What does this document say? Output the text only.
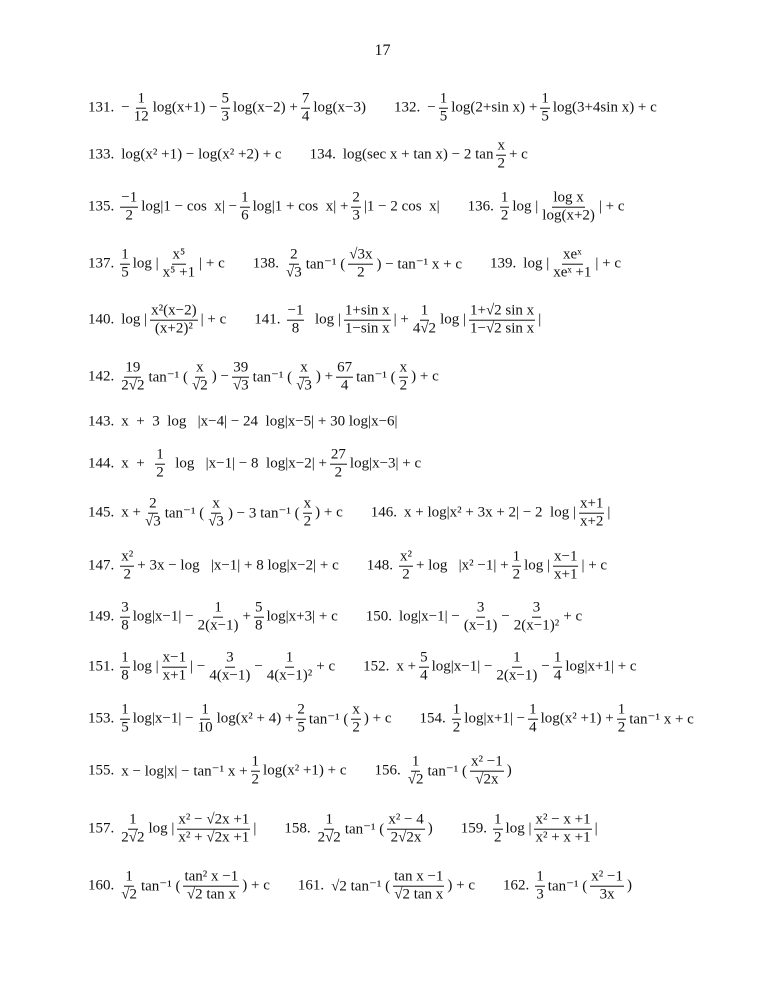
17
131. − $\frac{1}{12} \log(x+1) - \frac{5}{3} \log(x-2) + \frac{7}{4} \log(x-3) 132$. − $\frac{1}{5} \log(2+\sin$ $x) + \frac{1}{5} \log(3+4\sin$ x) + c
133. log(x² +1) − log(x² +2) + c 134. log(sec x + tan x) − 2 $\tan \frac{x}{2} + c$
135. $\frac{-1}{2} \log|1 - \cos x| - \frac{1}{6} \log|1 + \cos x| + \frac{2}{3} |1 - 2$ cos  x| 136. $\frac{1}{2}$ log | $\frac{\text{log x}}{\log(x+2)}$ | + c
137. $\frac{1}{5}$ log | $\frac{\text{x⁵}}{\text{x⁵ +1}}$ | + c 138. $\frac{2}{√3} \tan^{-1}$ ( $\frac{√3x}{2}$ ) − tan⁻¹ x + c 139. log | $\frac{\text{xeˣ}}{\text{xeˣ +1}}$ | + c
140. log | $\frac{\text{x²(x−2)}}{\text{(x+2)²}}$ | + c 141. $\frac{-1}{8}$ log | $\frac{\text{1+sin x}}{\text{1−sin x}}$ | + $\frac{1}{4√2}$ log | $\frac{\text{1+√2 sin x}}{\text{1−√2 sin x}}$ |
142. $\frac{19}{2√2} \tan^{-1}$ ( $\frac{x}{√2}$ ) − $\frac{39}{√3} \tan^{-1}$ ( $\frac{x}{√3}$ ) + $\frac{67}{4} \tan^{-1}$ ( $\frac{x}{2}$ ) + c
143. x  +  3  log   |x−4| − 24  log|x−5| + 30 log|x−6|
144. $x + \frac{1}{2}$ log   |x−1| − 8  $\log|x-2| + \frac{27}{2} \log|x-3| + c$
145. $x + \frac{2}{√3} \tan^{-1}$ ( $\frac{x}{√3}$ ) − 3 tan⁻¹ ( $\frac{x}{2}$ ) + c 146. x + log|x² + 3x + 2| − 2  log | $\frac{x+1}{x+2}$ |
147. $\frac{\text{x²}}{2} + 3x - \log |x-1| + 8$ log|x−2| + c 148. $\frac{\text{x²}}{2} + \log |x^2 -1| + \frac{1}{2}$ log | $\frac{x-1}{x+1}$ | + c
149. $\frac{3}{8} \log|x-1| - \frac{1}{2(x-1)} + \frac{5}{8} \log|x+3| + c$ 150. $\log|x-1| - \frac{3}{(x-1)} - \frac{3}{\text{2(x−1)²}} + c$
151. $\frac{1}{8}$ log | $\frac{x-1}{x+1}$ | − $\frac{3}{4(x-1)} - \frac{1}{\text{4(x−1)²}} + c$ 152. $x + \frac{5}{4} \log|x-1| - \frac{1}{2(x-1)} - \frac{1}{4} \log|x+1| + c$
153. $\frac{1}{5} \log|x-1| - \frac{1}{10} \log(x^2 + 4) + \frac{2}{5} \tan^{-1}$ ( $\frac{x}{2}$ ) + c 154. $\frac{1}{2} \log|x+1| - \frac{1}{4} \log(x^2 +1) + \frac{1}{2} \tan^{-1}$ x + c
155. x − log|x| − tan⁻¹ $x + \frac{1}{2} \log(x^2 +1) + c$ 156. $\frac{1}{√2} \tan^{-1}$ ( $\frac{\text{x² −1}}{√2x}$ )
157. $\frac{1}{2√2}$ log | $\frac{\text{x² − √2x +1}}{\text{x² + √2x +1}}$ | 158. $\frac{1}{2√2} \tan^{-1}$ ( $\frac{\text{x² − 4}}{2√2x}$ ) 159. $\frac{1}{2}$ log | $\frac{\text{x² − x +1}}{\text{x² + x +1}}$ |
160. $\frac{1}{√2} \tan^{-1}$ ( $\frac{\text{tan² x −1}}{\text{√2 tan x}}$ ) + c 161. √2 tan⁻¹ ( $\frac{\text{tan x −1}}{\text{√2 tan x}}$ ) + c 162. $\frac{1}{3} \tan^{-1}$ ( $\frac{\text{x² −1}}{3x}$ )
